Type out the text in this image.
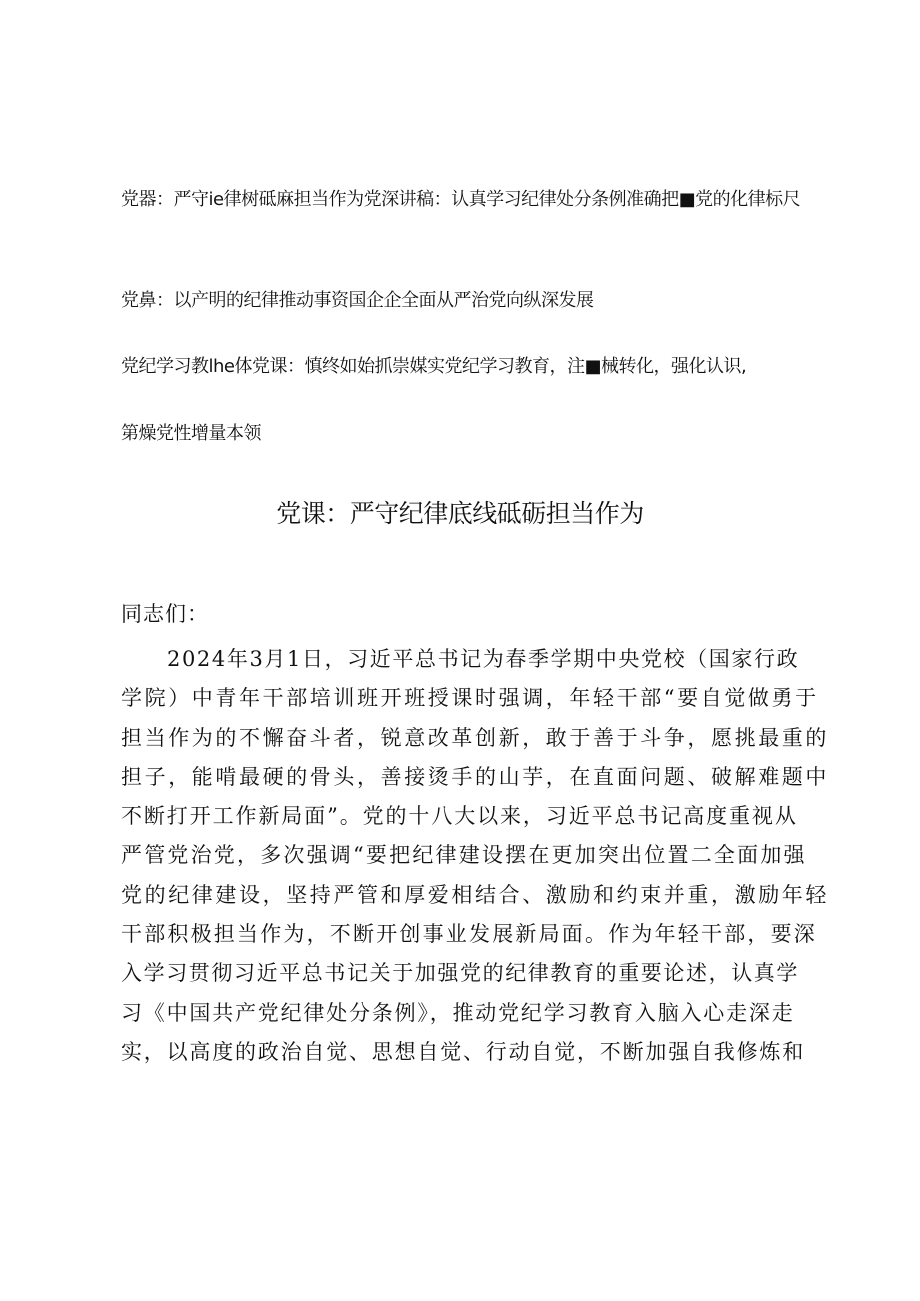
党器：严守ie律树砥麻担当作为党深讲稿：认真学习纪律处分条例准确把■党的化律标尺
党鼻：以产明的纪律推动事资国企企全面从严治党向纵深发展
党纪学习教lhe体党课：慎终如始抓崇媒实党纪学习教育，注■械转化，强化认识,
第燥党性增量本领
党课：严守纪律底线砥砺担当作为
同志们：
2024年3月1日，习近平总书记为春季学期中央党校（国家行政
学院）中青年干部培训班开班授课时强调，年轻干部“要自觉做勇于
担当作为的不懈奋斗者，锐意改革创新，敢于善于斗争，愿挑最重的
担子，能啃最硬的骨头，善接烫手的山芋，在直面问题、破解难题中
不断打开工作新局面”。党的十八大以来，习近平总书记高度重视从
严管党治党，多次强调“要把纪律建设摆在更加突出位置二全面加强
党的纪律建设，坚持严管和厚爱相结合、激励和约束并重，激励年轻
干部积极担当作为，不断开创事业发展新局面。作为年轻干部，要深
入学习贯彻习近平总书记关于加强党的纪律教育的重要论述，认真学
习《中国共产党纪律处分条例》，推动党纪学习教育入脑入心走深走
实，以高度的政治自觉、思想自觉、行动自觉，不断加强自我修炼和
